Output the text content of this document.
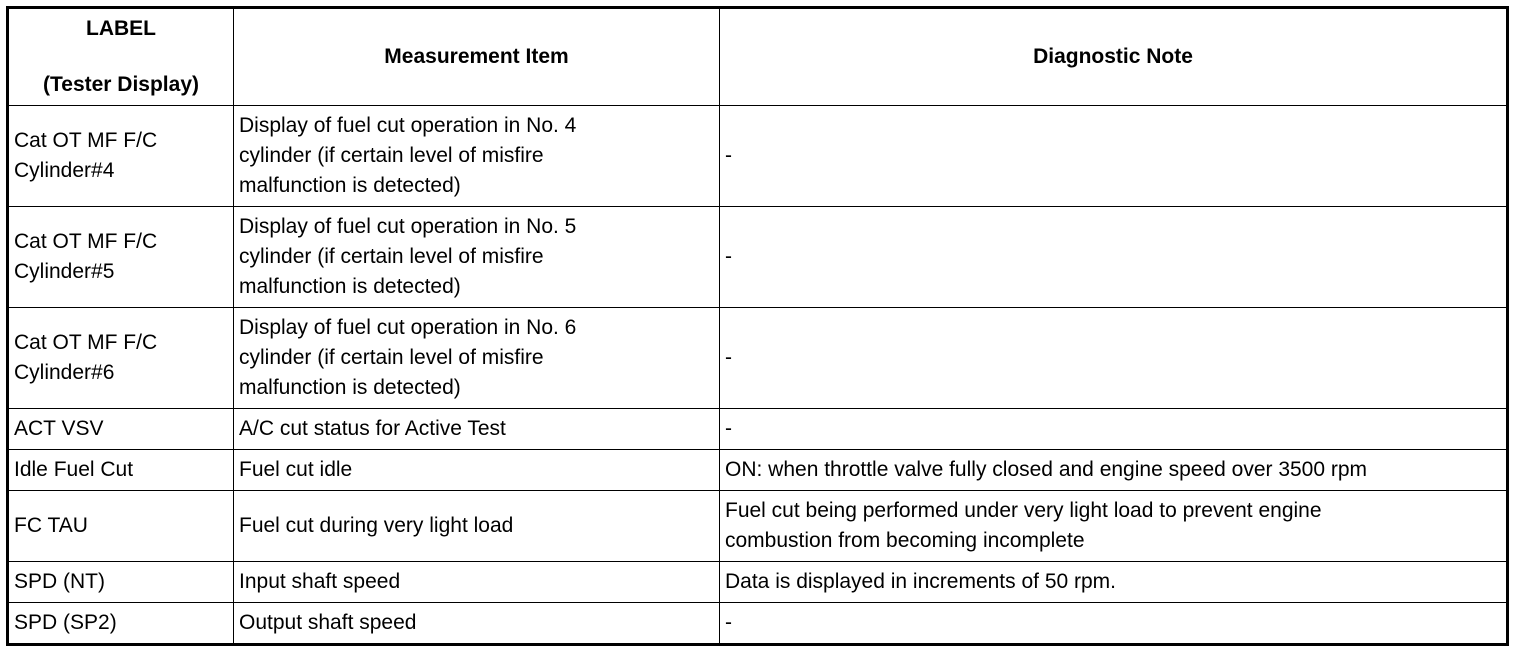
LABEL
(Tester Display)	Measurement Item	Diagnostic Note

Cat OT MF F/C
Cylinder#4	Display of fuel cut operation in No. 4
cylinder (if certain level of misfire
malfunction is detected)	-

Cat OT MF F/C
Cylinder#5	Display of fuel cut operation in No. 5
cylinder (if certain level of misfire
malfunction is detected)	-

Cat OT MF F/C
Cylinder#6	Display of fuel cut operation in No. 6
cylinder (if certain level of misfire
malfunction is detected)	-

ACT VSV	A/C cut status for Active Test	-

Idle Fuel Cut	Fuel cut idle	ON: when throttle valve fully closed and engine speed over 3500 rpm

FC TAU	Fuel cut during very light load	Fuel cut being performed under very light load to prevent engine
combustion from becoming incomplete

SPD (NT)	Input shaft speed	Data is displayed in increments of 50 rpm.

SPD (SP2)	Output shaft speed	-
